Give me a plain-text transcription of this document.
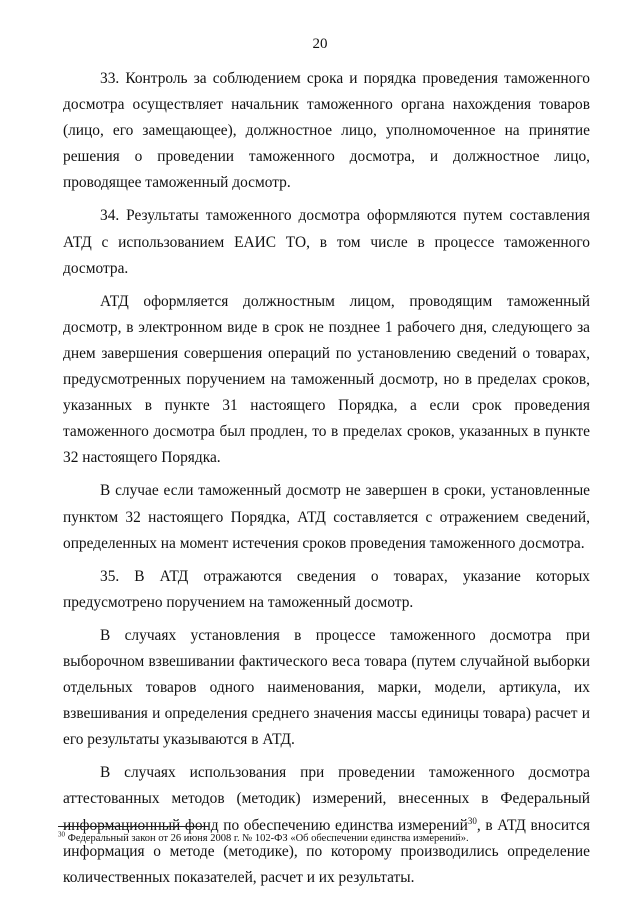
20

33. Контроль за соблюдением срока и порядка проведения таможенного досмотра осуществляет начальник таможенного органа нахождения товаров (лицо, его замещающее), должностное лицо, уполномоченное на принятие решения о проведении таможенного досмотра, и должностное лицо, проводящее таможенный досмотр.

34. Результаты таможенного досмотра оформляются путем составления АТД с использованием ЕАИС ТО, в том числе в процессе таможенного досмотра.

АТД оформляется должностным лицом, проводящим таможенный досмотр, в электронном виде в срок не позднее 1 рабочего дня, следующего за днем завершения совершения операций по установлению сведений о товарах, предусмотренных поручением на таможенный досмотр, но в пределах сроков, указанных в пункте 31 настоящего Порядка, а если срок проведения таможенного досмотра был продлен, то в пределах сроков, указанных в пункте 32 настоящего Порядка.

В случае если таможенный досмотр не завершен в сроки, установленные пунктом 32 настоящего Порядка, АТД составляется с отражением сведений, определенных на момент истечения сроков проведения таможенного досмотра.

35. В АТД отражаются сведения о товарах, указание которых предусмотрено поручением на таможенный досмотр.

В случаях установления в процессе таможенного досмотра при выборочном взвешивании фактического веса товара (путем случайной выборки отдельных товаров одного наименования, марки, модели, артикула, их взвешивания и определения среднего значения массы единицы товара) расчет и его результаты указываются в АТД.

В случаях использования при проведении таможенного досмотра аттестованных методов (методик) измерений, внесенных в Федеральный информационный фонд по обеспечению единства измерений$^{30}$, в АТД вносится информация о методе (методике), по которому производились определение количественных показателей, расчет и их результаты.

$^{30}$ Федеральный закон от 26 июня 2008 г. № 102-ФЗ «Об обеспечении единства измерений».
